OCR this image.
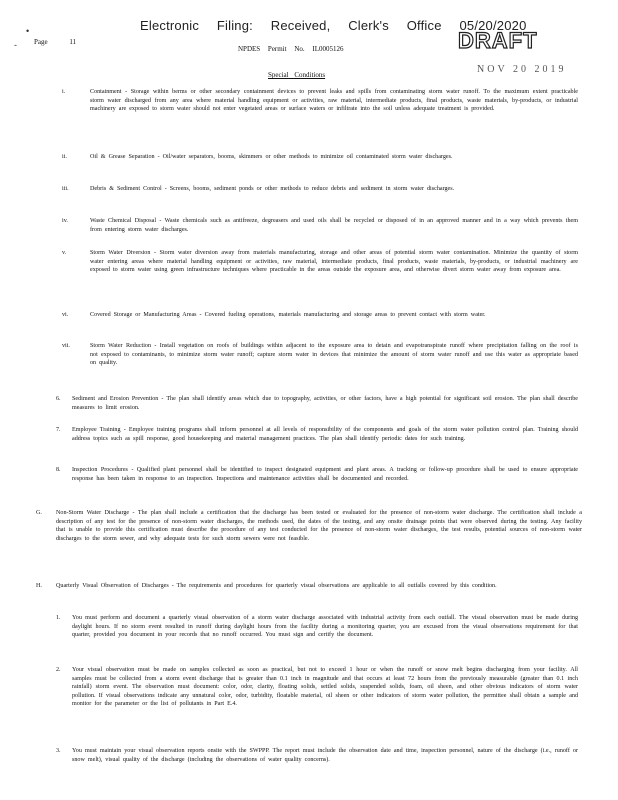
Electronic Filing: Received, Clerk's Office 05/20/2020
Page 11	DRAFT
NOV 20 2019
NPDES Permit No. IL0005126
Special Conditions
•
-
i.	Containment - Storage within berms or other secondary containment devices to prevent leaks and spills from contaminating storm water runoff. To the maximum extent practicable storm water discharged from any area where material handling equipment or activities, raw material, intermediate products, final products, waste materials, by-products, or industrial machinery are exposed to storm water should not enter vegetated areas or surface waters or infiltrate into the soil unless adequate treatment is provided.
ii.	Oil & Grease Separation - Oil/water separators, booms, skimmers or other methods to minimize oil contaminated storm water discharges.
iii.	Debris & Sediment Control - Screens, booms, sediment ponds or other methods to reduce debris and sediment in storm water discharges.
iv.	Waste Chemical Disposal - Waste chemicals such as antifreeze, degreasers and used oils shall be recycled or disposed of in an approved manner and in a way which prevents them from entering storm water discharges.
v.	Storm Water Diversion - Storm water diversion away from materials manufacturing, storage and other areas of potential storm water contamination. Minimize the quantity of storm water entering areas where material handling equipment or activities, raw material, intermediate products, final products, waste materials, by-products, or industrial machinery are exposed to storm water using green infrastructure techniques where practicable in the areas outside the exposure area, and otherwise divert storm water away from exposure area.
vi.	Covered Storage or Manufacturing Areas - Covered fueling operations, materials manufacturing and storage areas to prevent contact with storm water.
vii.	Storm Water Reduction - Install vegetation on roofs of buildings within adjacent to the exposure area to detain and evapotranspirate runoff where precipitation falling on the roof is not exposed to contaminants, to minimize storm water runoff; capture storm water in devices that minimize the amount of storm water runoff and use this water as appropriate based on quality.
6. Sediment and Erosion Prevention - The plan shall identify areas which due to topography, activities, or other factors, have a high potential for significant soil erosion. The plan shall describe measures to limit erosion.
7. Employee Training - Employee training programs shall inform personnel at all levels of responsibility of the components and goals of the storm water pollution control plan. Training should address topics such as spill response, good housekeeping and material management practices. The plan shall identify periodic dates for such training.
8. Inspection Procedures - Qualified plant personnel shall be identified to inspect designated equipment and plant areas. A tracking or follow-up procedure shall be used to ensure appropriate response has been taken in response to an inspection. Inspections and maintenance activities shall be documented and recorded.
G. Non-Storm Water Discharge - The plan shall include a certification that the discharge has been tested or evaluated for the presence of non-storm water discharge. The certification shall include a description of any test for the presence of non-storm water discharges, the methods used, the dates of the testing, and any onsite drainage points that were observed during the testing. Any facility that is unable to provide this certification must describe the procedure of any test conducted for the presence of non-storm water discharges, the test results, potential sources of non-storm water discharges to the storm sewer, and why adequate tests for such storm sewers were not feasible.
H. Quarterly Visual Observation of Discharges - The requirements and procedures for quarterly visual observations are applicable to all outfalls covered by this condition.
1. You must perform and document a quarterly visual observation of a storm water discharge associated with industrial activity from each outfall. The visual observation must be made during daylight hours. If no storm event resulted in runoff during daylight hours from the facility during a monitoring quarter, you are excused from the visual observations requirement for that quarter, provided you document in your records that no runoff occurred. You must sign and certify the document.
2. Your visual observation must be made on samples collected as soon as practical, but not to exceed 1 hour or when the runoff or snow melt begins discharging from your facility. All samples must be collected from a storm event discharge that is greater than 0.1 inch in magnitude and that occurs at least 72 hours from the previously measurable (greater than 0.1 inch rainfall) storm event. The observation must document: color, odor, clarity, floating solids, settled solids, suspended solids, foam, oil sheen, and other obvious indicators of storm water pollution. If visual observations indicate any unnatural color, odor, turbidity, floatable material, oil sheen or other indicators of storm water pollution, the permittee shall obtain a sample and monitor for the parameter or the list of pollutants in Part E.4.
3. You must maintain your visual observation reports onsite with the SWPPP. The report must include the observation date and time, inspection personnel, nature of the discharge (i.e., runoff or snow melt), visual quality of the discharge (including the observations of water quality concerns).
